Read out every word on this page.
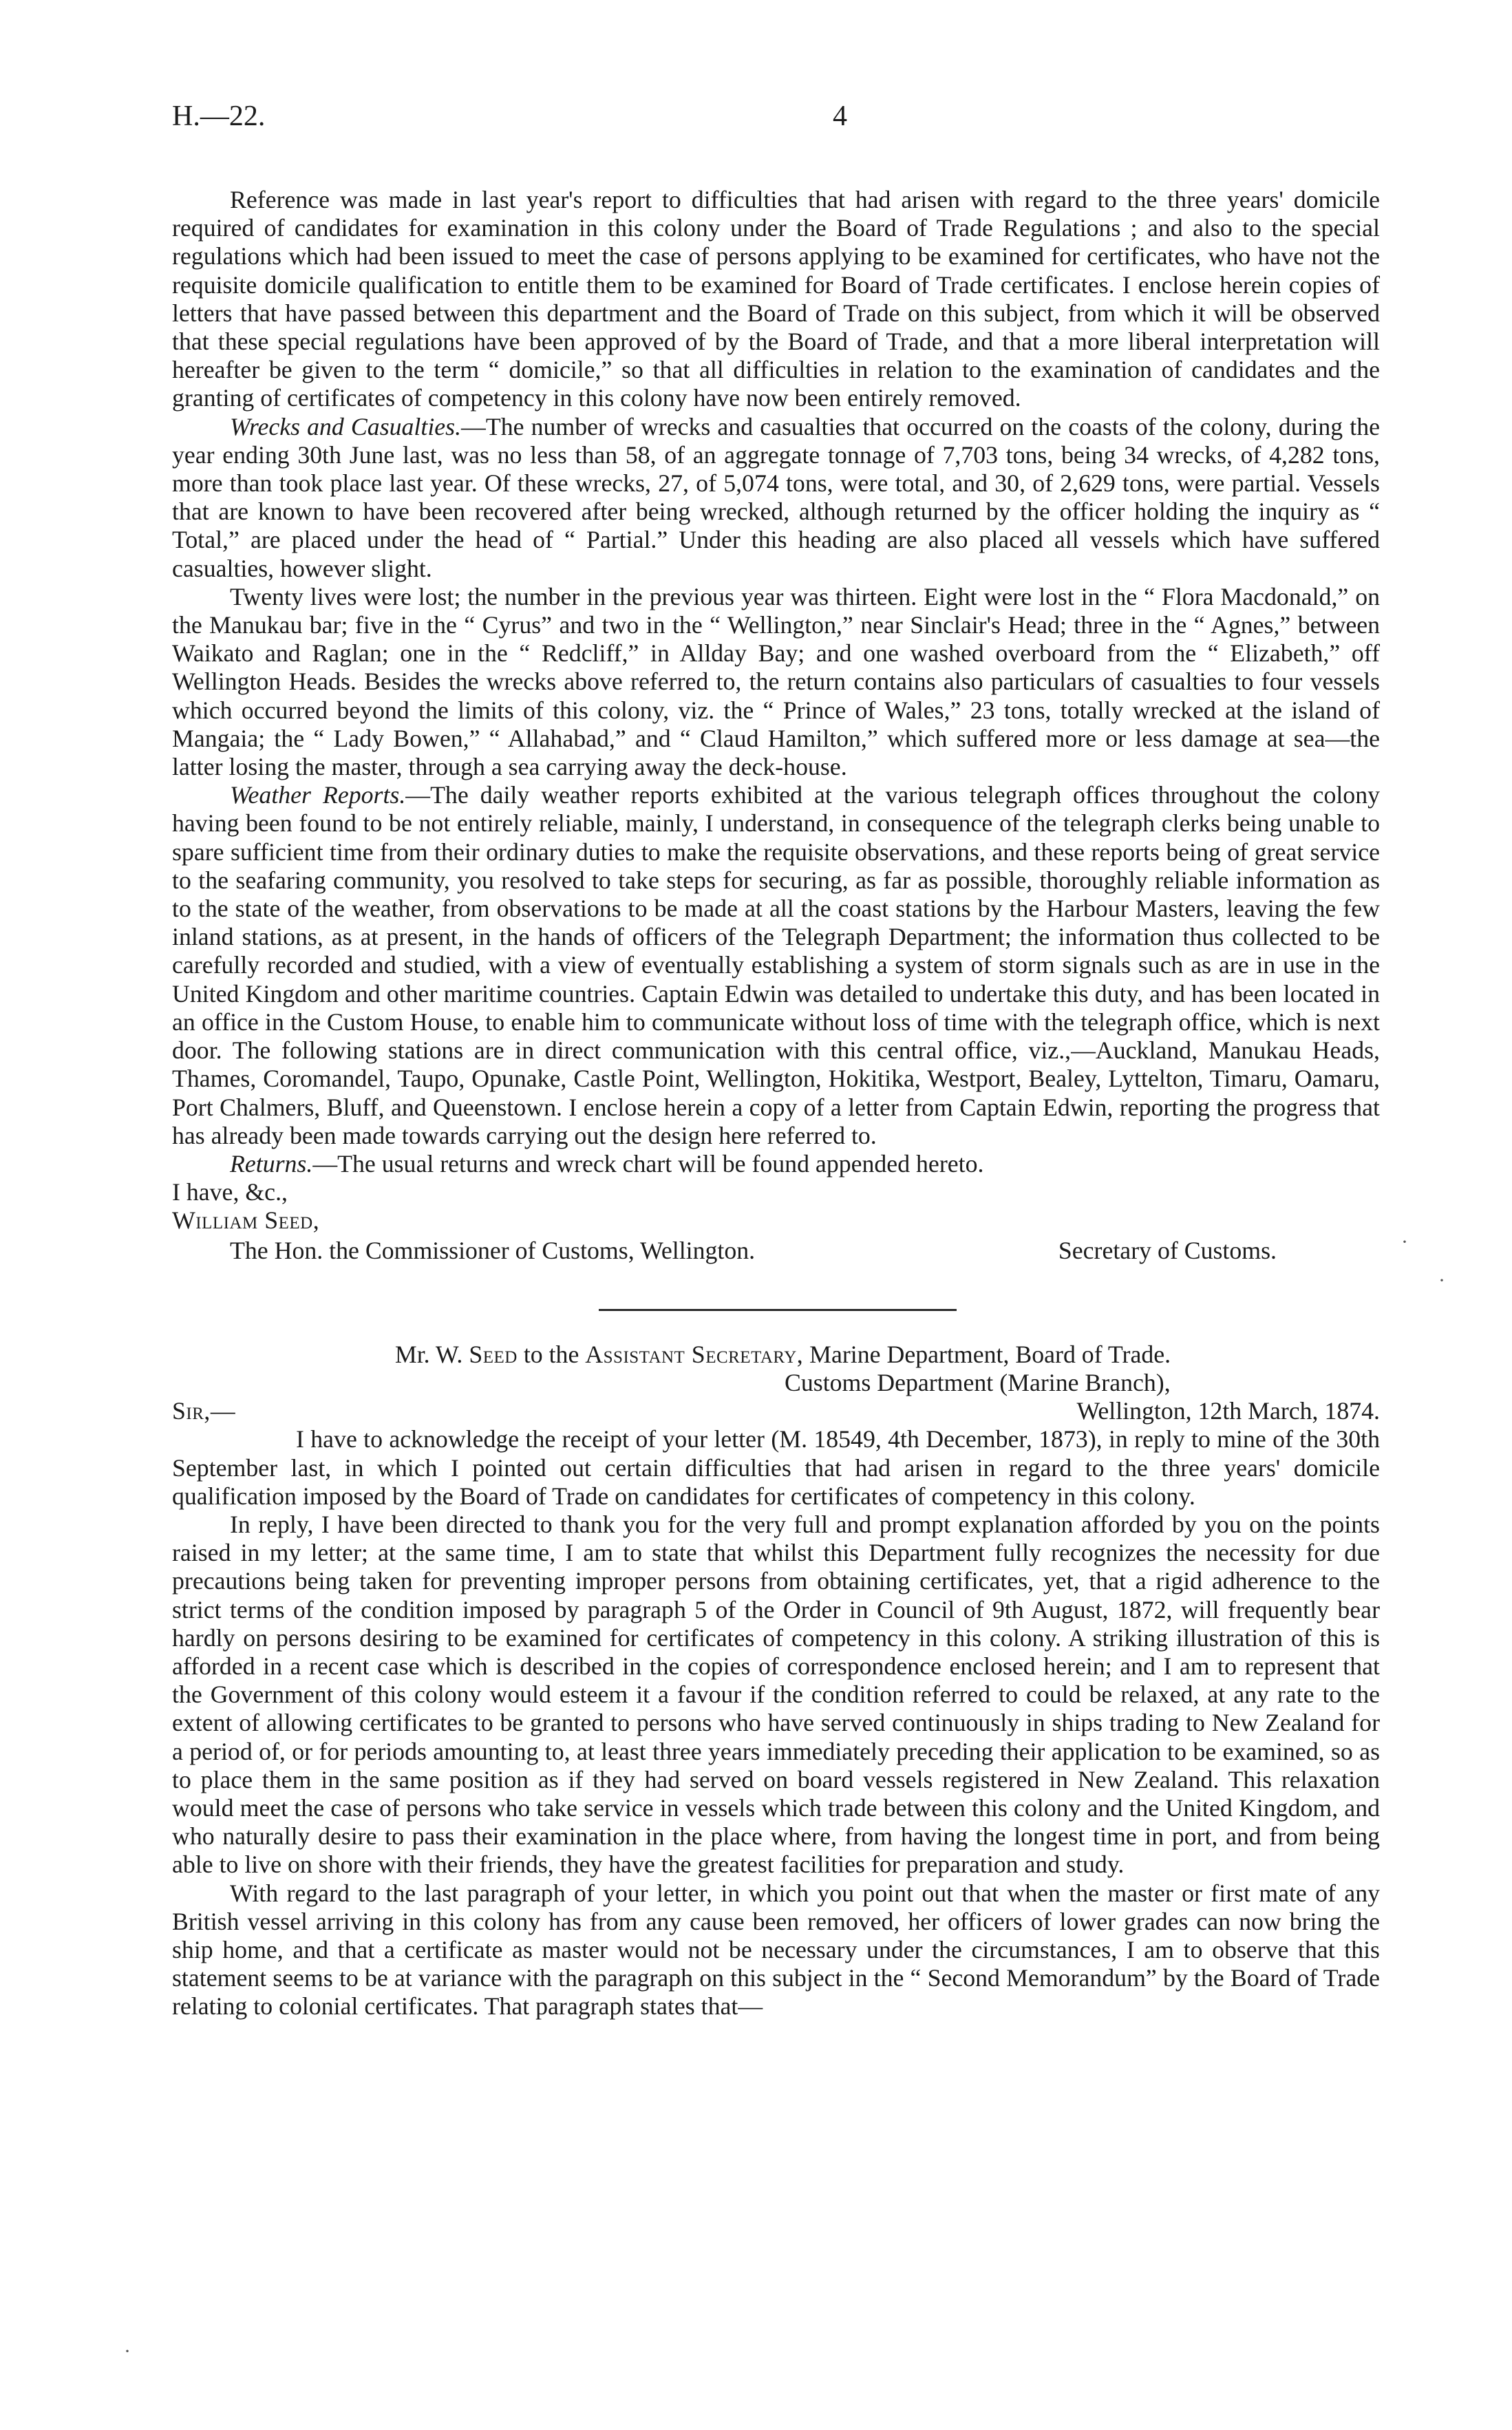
H.—22.	4

Reference was made in last year's report to difficulties that had arisen with regard to the three years' domicile required of candidates for examination in this colony under the Board of Trade Regulations ; and also to the special regulations which had been issued to meet the case of persons applying to be examined for certificates, who have not the requisite domicile qualification to entitle them to be examined for Board of Trade certificates. I enclose herein copies of letters that have passed between this department and the Board of Trade on this subject, from which it will be observed that these special regulations have been approved of by the Board of Trade, and that a more liberal interpretation will hereafter be given to the term “ domicile,” so that all difficulties in relation to the examination of candidates and the granting of certificates of competency in this colony have now been entirely removed.

Wrecks and Casualties.—The number of wrecks and casualties that occurred on the coasts of the colony, during the year ending 30th June last, was no less than 58, of an aggregate tonnage of 7,703 tons, being 34 wrecks, of 4,282 tons, more than took place last year. Of these wrecks, 27, of 5,074 tons, were total, and 30, of 2,629 tons, were partial. Vessels that are known to have been recovered after being wrecked, although returned by the officer holding the inquiry as “ Total,” are placed under the head of “ Partial.” Under this heading are also placed all vessels which have suffered casualties, however slight.

Twenty lives were lost; the number in the previous year was thirteen. Eight were lost in the “ Flora Macdonald,” on the Manukau bar; five in the “ Cyrus” and two in the “ Wellington,” near Sinclair's Head; three in the “ Agnes,” between Waikato and Raglan; one in the “ Redcliff,” in Allday Bay; and one washed overboard from the “ Elizabeth,” off Wellington Heads. Besides the wrecks above referred to, the return contains also particulars of casualties to four vessels which occurred beyond the limits of this colony, viz. the “ Prince of Wales,” 23 tons, totally wrecked at the island of Mangaia; the “ Lady Bowen,” “ Allahabad,” and “ Claud Hamilton,” which suffered more or less damage at sea—the latter losing the master, through a sea carrying away the deck-house.

Weather Reports.—The daily weather reports exhibited at the various telegraph offices throughout the colony having been found to be not entirely reliable, mainly, I understand, in consequence of the telegraph clerks being unable to spare sufficient time from their ordinary duties to make the requisite observations, and these reports being of great service to the seafaring community, you resolved to take steps for securing, as far as possible, thoroughly reliable information as to the state of the weather, from observations to be made at all the coast stations by the Harbour Masters, leaving the few inland stations, as at present, in the hands of officers of the Telegraph Department; the information thus collected to be carefully recorded and studied, with a view of eventually establishing a system of storm signals such as are in use in the United Kingdom and other maritime countries. Captain Edwin was detailed to undertake this duty, and has been located in an office in the Custom House, to enable him to communicate without loss of time with the telegraph office, which is next door. The following stations are in direct communication with this central office, viz.,—Auckland, Manukau Heads, Thames, Coromandel, Taupo, Opunake, Castle Point, Wellington, Hokitika, Westport, Bealey, Lyttelton, Timaru, Oamaru, Port Chalmers, Bluff, and Queenstown. I enclose herein a copy of a letter from Captain Edwin, reporting the progress that has already been made towards carrying out the design here referred to.

Returns.—The usual returns and wreck chart will be found appended hereto.

I have, &c.,

William Seed,

The Hon. the Commissioner of Customs, Wellington.	Secretary of Customs.

Mr. W. Seed to the Assistant Secretary, Marine Department, Board of Trade.

Customs Department (Marine Branch),

Sir,—	Wellington, 12th March, 1874.

I have to acknowledge the receipt of your letter (M. 18549, 4th December, 1873), in reply to mine of the 30th September last, in which I pointed out certain difficulties that had arisen in regard to the three years' domicile qualification imposed by the Board of Trade on candidates for certificates of competency in this colony.

In reply, I have been directed to thank you for the very full and prompt explanation afforded by you on the points raised in my letter; at the same time, I am to state that whilst this Department fully recognizes the necessity for due precautions being taken for preventing improper persons from obtaining certificates, yet, that a rigid adherence to the strict terms of the condition imposed by paragraph 5 of the Order in Council of 9th August, 1872, will frequently bear hardly on persons desiring to be examined for certificates of competency in this colony. A striking illustration of this is afforded in a recent case which is described in the copies of correspondence enclosed herein; and I am to represent that the Government of this colony would esteem it a favour if the condition referred to could be relaxed, at any rate to the extent of allowing certificates to be granted to persons who have served continuously in ships trading to New Zealand for a period of, or for periods amounting to, at least three years immediately preceding their application to be examined, so as to place them in the same position as if they had served on board vessels registered in New Zealand. This relaxation would meet the case of persons who take service in vessels which trade between this colony and the United Kingdom, and who naturally desire to pass their examination in the place where, from having the longest time in port, and from being able to live on shore with their friends, they have the greatest facilities for preparation and study.

With regard to the last paragraph of your letter, in which you point out that when the master or first mate of any British vessel arriving in this colony has from any cause been removed, her officers of lower grades can now bring the ship home, and that a certificate as master would not be necessary under the circumstances, I am to observe that this statement seems to be at variance with the paragraph on this subject in the “ Second Memorandum” by the Board of Trade relating to colonial certificates. That paragraph states that—

·
·
·
